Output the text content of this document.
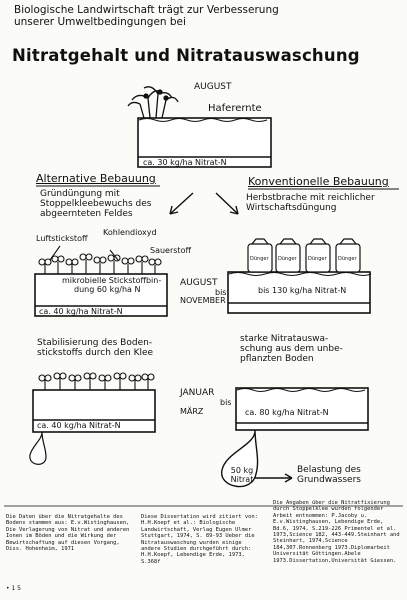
Biologische Landwirtschaft trägt zur Verbesserung
unserer Umweltbedingungen bei
Nitratgehalt und Nitratauswaschung
AUGUST
Haferernte
ca. 30 kg/ha Nitrat-N
Alternative Bebauung
Gründüngung mit
Stoppelkleebewuchs des
abgeernteten Feldes
Luftstickstoff
Kohlendioxyd
Sauerstoff
mikrobielle Stickstoffbin-
dung 60 kg/ha N
ca. 40 kg/ha Nitrat-N
Stabilisierung des Boden-
stickstoffs durch den Klee
ca. 40 kg/ha Nitrat-N
Konventionelle Bebauung
Herbstbrache mit reichlicher
Wirtschaftsdüngung
Dünger Dünger Dünger Dünger
bis 130 kg/ha Nitrat-N
starke Nitratauswa-
schung aus dem unbe-
pflanzten Boden
ca. 80 kg/ha Nitrat-N
AUGUST
bis
NOVEMBER
JANUAR
bis
MÄRZ
50 kg
Nitrat
Belastung des
Grundwassers
Die Daten über die Nitratgehalte des Bodens stammen aus: E.v.Wistinghausen, Die Verlagerung von Nitrat und anderen Ionen im Böden und die Wirkung der Bewirtschaftung auf diesen Vorgang, Diss. Hohenheim, 1971
Diese Dissertation wird zitiert von: H.H.Koepf et al.: Biologische Landwirtschaft, Verlag Eugen Ulmer Stuttgart, 1974, S. 89-93 Ueber die Nitratauswaschung wurden einige andere Studien durchgeführt durch: H.H.Koepf, Lebendige Erde, 1973, S.368f
Die Angaben über die Nitratfixierung durch Stoppelklee wurden folgender Arbeit entnommen: P.Jacoby u. E.v.Wistinghausen, Lebendige Erde, Bd.6, 1974, S.219-226 Primentel et al. 1973,Science 182, 443-449.Steinhart and Steinhart, 1974,Science 184,307.Ronnenberg 1973.Diplomarbeit Universität Göttingen.Abele 1973.Dissertation,Universität Giessen.
• 1 5
